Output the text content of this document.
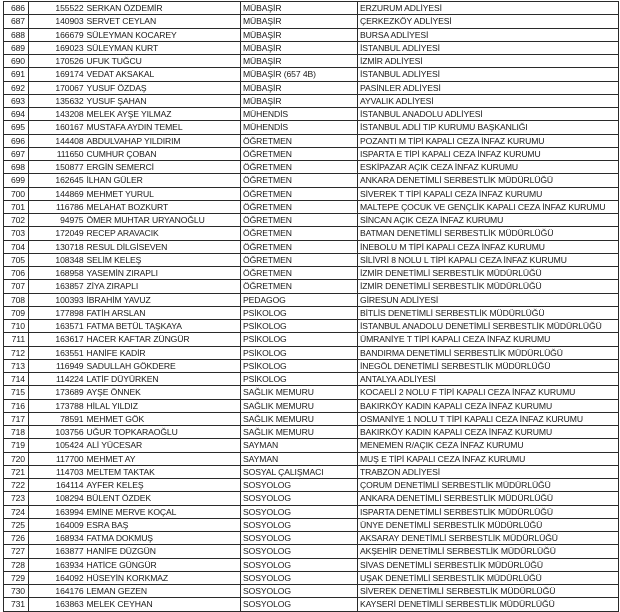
686	155522	SERKAN ÖZDEMİR	MÜBAŞİR	ERZURUM ADLİYESİ
687	140903	SERVET CEYLAN	MÜBAŞİR	ÇERKEZKÖY ADLİYESİ
688	166679	SÜLEYMAN KOCAREY	MÜBAŞİR	BURSA ADLİYESİ
689	169023	SÜLEYMAN KURT	MÜBAŞİR	İSTANBUL ADLİYESİ
690	170526	UFUK TUĞCU	MÜBAŞİR	İZMİR ADLİYESİ
691	169174	VEDAT AKSAKAL	MÜBAŞİR (657 4B)	İSTANBUL ADLİYESİ
692	170067	YUSUF ÖZDAŞ	MÜBAŞİR	PASİNLER ADLİYESİ
693	135632	YUSUF ŞAHAN	MÜBAŞİR	AYVALIK ADLİYESİ
694	143208	MELEK AYŞE YILMAZ	MÜHENDİS	İSTANBUL ANADOLU ADLİYESİ
695	160167	MUSTAFA AYDIN TEMEL	MÜHENDİS	İSTANBUL ADLİ TIP KURUMU BAŞKANLIĞI
696	144408	ABDULVAHAP YILDIRIM	ÖĞRETMEN	POZANTI M TİPİ KAPALI CEZA İNFAZ KURUMU
697	111650	CUMHUR ÇOBAN	ÖĞRETMEN	ISPARTA E TİPİ KAPALI CEZA İNFAZ KURUMU
698	150877	ERGİN SEMERCİ	ÖĞRETMEN	ESKİPAZAR AÇIK CEZA İNFAZ KURUMU
699	162645	İLHAN GÜLER	ÖĞRETMEN	ANKARA DENETİMLİ SERBESTLİK MÜDÜRLÜĞÜ
700	144869	MEHMET YURUL	ÖĞRETMEN	SİVEREK T TİPİ KAPALI CEZA İNFAZ KURUMU
701	116786	MELAHAT BOZKURT	ÖĞRETMEN	MALTEPE ÇOCUK VE GENÇLİK KAPALI CEZA İNFAZ KURUMU
702	94975	ÖMER MUHTAR URYANOĞLU	ÖĞRETMEN	SİNCAN AÇIK CEZA İNFAZ KURUMU
703	172049	RECEP ARAVACIK	ÖĞRETMEN	BATMAN DENETİMLİ SERBESTLİK MÜDÜRLÜĞÜ
704	130718	RESUL DİLGİSEVEN	ÖĞRETMEN	İNEBOLU M TİPİ KAPALI CEZA İNFAZ KURUMU
705	108348	SELİM KELEŞ	ÖĞRETMEN	SİLİVRİ 8 NOLU L TİPİ KAPALI CEZA İNFAZ KURUMU
706	168958	YASEMİN ZIRAPLI	ÖĞRETMEN	İZMİR DENETİMLİ SERBESTLİK MÜDÜRLÜĞÜ
707	163857	ZİYA ZIRAPLI	ÖĞRETMEN	İZMİR DENETİMLİ SERBESTLİK MÜDÜRLÜĞÜ
708	100393	İBRAHİM YAVUZ	PEDAGOG	GİRESUN ADLİYESİ
709	177898	FATİH ARSLAN	PSİKOLOG	BİTLİS DENETİMLİ SERBESTLİK MÜDÜRLÜĞÜ
710	163571	FATMA BETÜL TAŞKAYA	PSİKOLOG	İSTANBUL ANADOLU DENETİMLİ SERBESTLİK MÜDÜRLÜĞÜ
711	163617	HACER KAFTAR ZÜNGÜR	PSİKOLOG	ÜMRANİYE T TİPİ KAPALI CEZA İNFAZ KURUMU
712	163551	HANİFE KADİR	PSİKOLOG	BANDIRMA DENETİMLİ SERBESTLİK MÜDÜRLÜĞÜ
713	116949	SADULLAH GÖKDERE	PSİKOLOG	İNEGÖL DENETİMLİ SERBESTLİK MÜDÜRLÜĞÜ
714	114224	LATİF DÜYÜRKEN	PSİKOLOG	ANTALYA ADLİYESİ
715	173689	AYŞE ÖNNEK	SAĞLIK MEMURU	KOCAELİ 2 NOLU F TİPİ KAPALI CEZA İNFAZ KURUMU
716	173788	HİLAL YILDIZ	SAĞLIK MEMURU	BAKIRKÖY KADIN KAPALI CEZA İNFAZ KURUMU
717	78591	MEHMET GÖK	SAĞLIK MEMURU	OSMANİYE 1 NOLU T TİPİ KAPALI CEZA İNFAZ KURUMU
718	103756	UĞUR TOPKARAOĞLU	SAĞLIK MEMURU	BAKIRKÖY KADIN KAPALI CEZA İNFAZ KURUMU
719	105424	ALİ YÜCESAR	SAYMAN	MENEMEN R/AÇIK CEZA İNFAZ KURUMU
720	117700	MEHMET AY	SAYMAN	MUŞ E TİPİ KAPALI CEZA İNFAZ KURUMU
721	114703	MELTEM TAKTAK	SOSYAL ÇALIŞMACI	TRABZON ADLİYESİ
722	164114	AYFER KELEŞ	SOSYOLOG	ÇORUM DENETİMLİ SERBESTLİK MÜDÜRLÜĞÜ
723	108294	BÜLENT ÖZDEK	SOSYOLOG	ANKARA DENETİMLİ SERBESTLİK MÜDÜRLÜĞÜ
724	163994	EMİNE MERVE KOÇAL	SOSYOLOG	ISPARTA DENETİMLİ SERBESTLİK MÜDÜRLÜĞÜ
725	164009	ESRA BAŞ	SOSYOLOG	ÜNYE DENETİMLİ SERBESTLİK MÜDÜRLÜĞÜ
726	168934	FATMA DOKMUŞ	SOSYOLOG	AKSARAY DENETİMLİ SERBESTLİK MÜDÜRLÜĞÜ
727	163877	HANİFE DÜZGÜN	SOSYOLOG	AKŞEHİR DENETİMLİ SERBESTLİK MÜDÜRLÜĞÜ
728	163934	HATİCE GÜNGÜR	SOSYOLOG	SİVAS DENETİMLİ SERBESTLİK MÜDÜRLÜĞÜ
729	164092	HÜSEYİN KORKMAZ	SOSYOLOG	UŞAK DENETİMLİ SERBESTLİK MÜDÜRLÜĞÜ
730	164176	LEMAN GEZEN	SOSYOLOG	SİVEREK DENETİMLİ SERBESTLİK MÜDÜRLÜĞÜ
731	163863	MELEK CEYHAN	SOSYOLOG	KAYSERİ DENETİMLİ SERBESTLİK MÜDÜRLÜĞÜ
